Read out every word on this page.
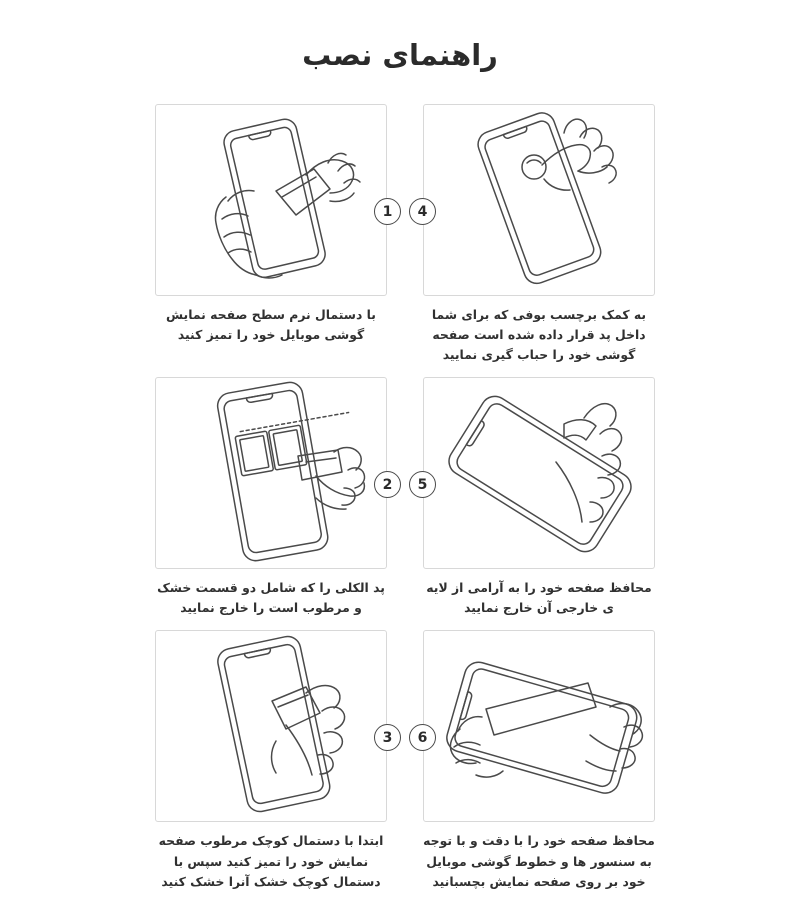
راهنمای نصب
1
با دستمال نرم سطح صفحه نمایش گوشی موبایل خود را تمیز کنید
4
به کمک برچسب بوفی که برای شما داخل پد قرار داده شده است صفحه گوشی خود را حباب گیری نمایید
2
پد الکلی را که شامل دو قسمت خشک و مرطوب است را خارج نمایید
5
محافظ صفحه خود را به آرامی از لایه ی خارجی آن خارج نمایید
3
ابتدا با دستمال کوچک مرطوب صفحه نمایش خود را تمیز کنید سپس با دستمال کوچک خشک آنرا خشک کنید
6
محافظ صفحه خود را با دقت و با توجه به سنسور ها و خطوط گوشی موبایل خود بر روی صفحه نمایش بچسبانید
